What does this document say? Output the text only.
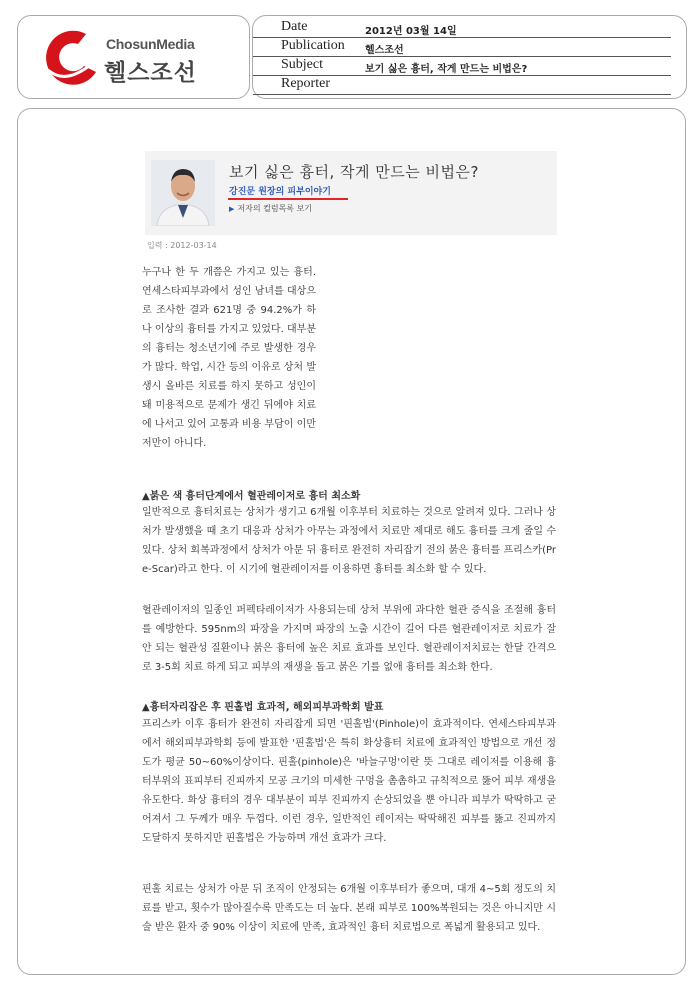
ChosunMedia
헬스조선
Date	2012년 03월 14일
Publication 헬스조선
Subject	보기 싫은 흉터, 작게 만드는 비법은?
Reporter
보기 싫은 흉터, 작게 만드는 비법은?
강진문 원장의 피부이야기
▶ 저자의 컬럼목록 보기
입력 : 2012-03-14

누구나 한 두 개쯤은 가지고 있는 흉터. 연세스타피부과에서 성인 남녀를 대상으로 조사한 결과 621명 중 94.2%가 하나 이상의 흉터를 가지고 있었다. 대부분의 흉터는 청소년기에 주로 발생한 경우가 많다. 학업, 시간 등의 이유로 상처 발생시 올바른 치료를 하지 못하고 성인이 돼 미용적으로 문제가 생긴 뒤에야 치료에 나서고 있어 고통과 비용 부담이 이만저만이 아니다.

▲붉은 색 흉터단계에서 혈관레이저로 흉터 최소화

일반적으로 흉터치료는 상처가 생기고 6개월 이후부터 치료하는 것으로 알려져 있다. 그러나 상처가 발생했을 때 초기 대응과 상처가 아무는 과정에서 치료만 제대로 해도 흉터를 크게 줄일 수 있다. 상처 회복과정에서 상처가 아문 뒤 흉터로 완전히 자리잡기 전의 붉은 흉터를 프리스카(Pre-Scar)라고 한다. 이 시기에 혈관레이저를 이용하면 흉터를 최소화 할 수 있다.

혈관레이저의 일종인 퍼펙타레이저가 사용되는데 상처 부위에 과다한 혈관 증식을 조절해 흉터를 예방한다. 595nm의 파장을 가지며 파장의 노출 시간이 길어 다른 혈관레이저로 치료가 잘 안 되는 혈관성 질환이나 붉은 흉터에 높은 치료 효과를 보인다. 혈관레이저치료는 한달 간격으로 3-5회 치료 하게 되고 피부의 재생을 돕고 붉은 기를 없애 흉터를 최소화 한다.

▲흉터자리잡은 후 핀홀법 효과적, 해외피부과학회 발표

프리스카 이후 흉터가 완전히 자리잡게 되면 '핀홀법'(Pinhole)이 효과적이다. 연세스타피부과에서 해외피부과학회 등에 발표한 '핀홀법'은 특히 화상흉터 치료에 효과적인 방법으로 개선 정도가 평균 50~60%이상이다. 핀홀(pinhole)은 '바늘구멍'이란 뜻 그대로 레이저를 이용해 흉터부위의 표피부터 진피까지 모공 크기의 미세한 구멍을 촘촘하고 규칙적으로 뚫어 피부 재생을 유도한다. 화상 흉터의 경우 대부분이 피부 진피까지 손상되었을 뿐 아니라 피부가 딱딱하고 굳어져서 그 두께가 매우 두껍다. 이런 경우, 일반적인 레이저는 딱딱해진 피부를 뚫고 진피까지 도달하지 못하지만 핀홀법은 가능하며 개선 효과가 크다.

핀홀 치료는 상처가 아문 뒤 조직이 안정되는 6개월 이후부터가 좋으며, 대개 4~5회 정도의 치료를 받고, 횟수가 많아질수록 만족도는 더 높다. 본래 피부로 100%복원되는 것은 아니지만 시술 받은 환자 중 90% 이상이 치료에 만족, 효과적인 흉터 치료법으로 폭넓게 활용되고 있다.
